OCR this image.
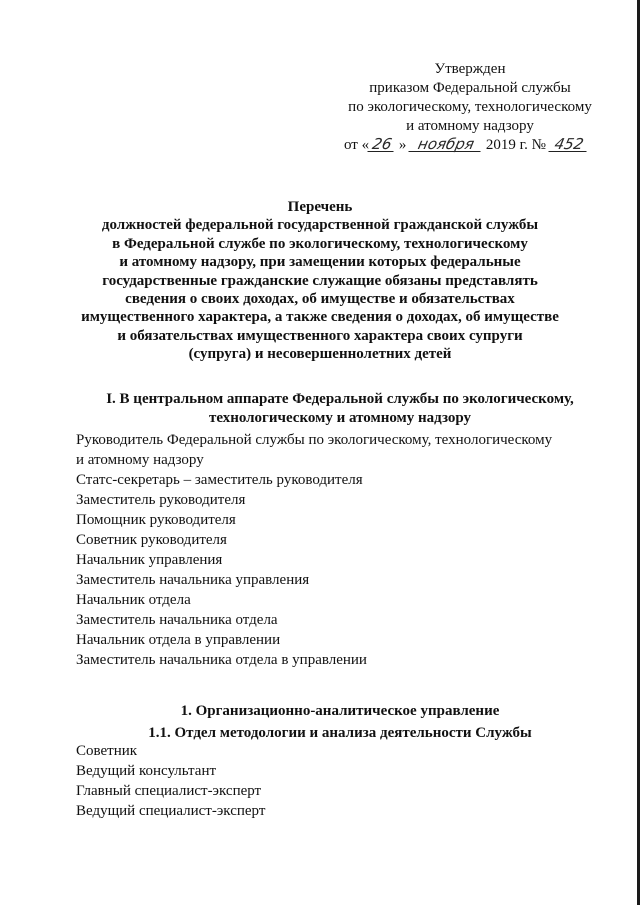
Утвержден
приказом Федеральной службы
по экологическому, технологическому
и атомному надзору
от « 26 » ноября 2019 г. № 452
Перечень
должностей федеральной государственной гражданской службы
в Федеральной службе по экологическому, технологическому
и атомному надзору, при замещении которых федеральные
государственные гражданские служащие обязаны представлять
сведения о своих доходах, об имуществе и обязательствах
имущественного характера, а также сведения о доходах, об имуществе
и обязательствах имущественного характера своих супруги
(супруга) и несовершеннолетних детей
I. В центральном аппарате Федеральной службы по экологическому,
технологическому и атомному надзору
Руководитель Федеральной службы по экологическому, технологическому
и атомному надзору
Статс-секретарь – заместитель руководителя
Заместитель руководителя
Помощник руководителя
Советник руководителя
Начальник управления
Заместитель начальника управления
Начальник отдела
Заместитель начальника отдела
Начальник отдела в управлении
Заместитель начальника отдела в управлении
1. Организационно-аналитическое управление
1.1. Отдел методологии и анализа деятельности Службы
Советник
Ведущий консультант
Главный специалист-эксперт
Ведущий специалист-эксперт
